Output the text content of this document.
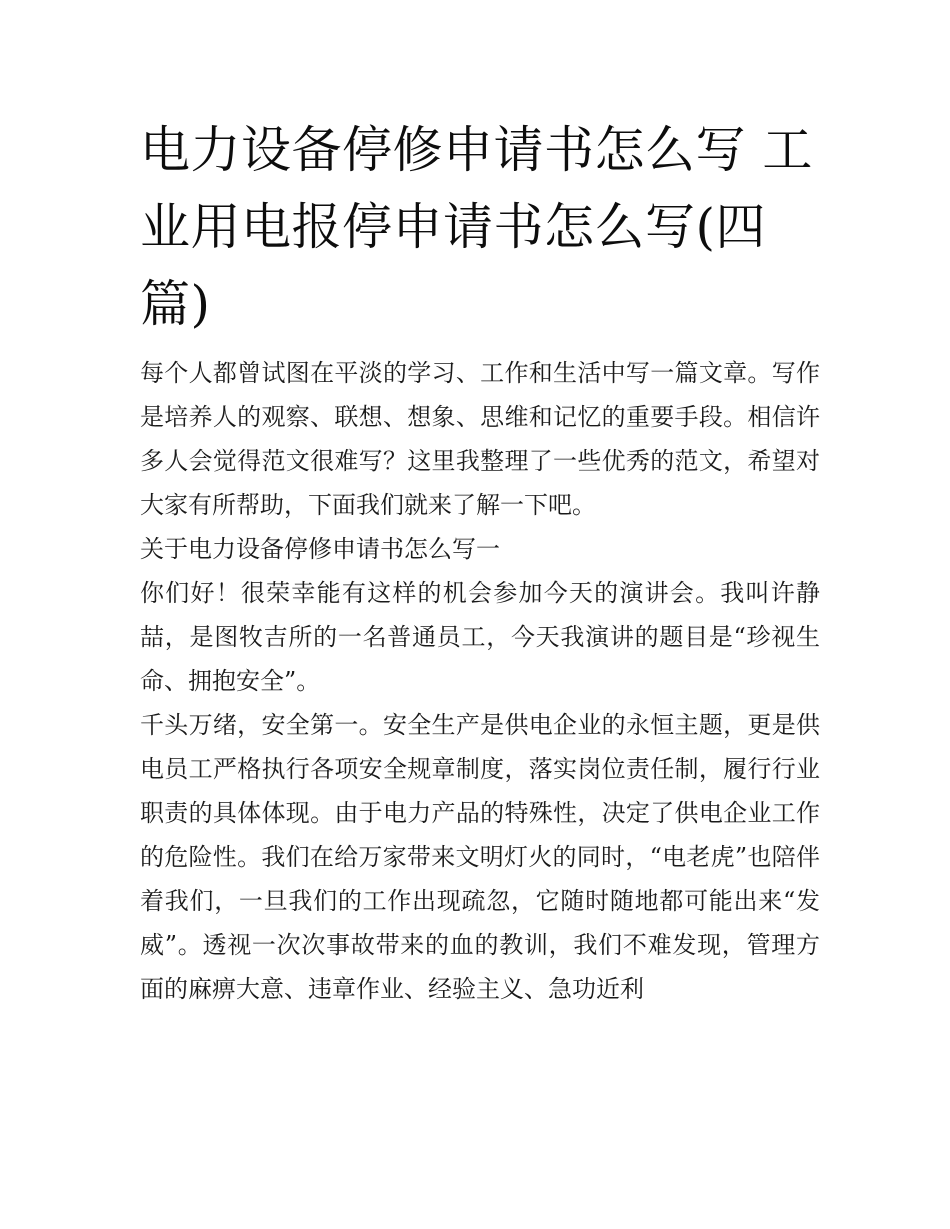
电力设备停修申请书怎么写 工业用电报停申请书怎么写(四篇)

每个人都曾试图在平淡的学习、工作和生活中写一篇文章。写作是培养人的观察、联想、想象、思维和记忆的重要手段。相信许多人会觉得范文很难写？这里我整理了一些优秀的范文，希望对大家有所帮助，下面我们就来了解一下吧。

关于电力设备停修申请书怎么写一

你们好！很荣幸能有这样的机会参加今天的演讲会。我叫许静喆，是图牧吉所的一名普通员工，今天我演讲的题目是“珍视生命、拥抱安全”。

千头万绪，安全第一。安全生产是供电企业的永恒主题，更是供电员工严格执行各项安全规章制度，落实岗位责任制，履行行业职责的具体体现。由于电力产品的特殊性，决定了供电企业工作的危险性。我们在给万家带来文明灯火的同时，“电老虎”也陪伴着我们，一旦我们的工作出现疏忽，它随时随地都可能出来“发威”。透视一次次事故带来的血的教训，我们不难发现，管理方面的麻痹大意、违章作业、经验主义、急功近利
